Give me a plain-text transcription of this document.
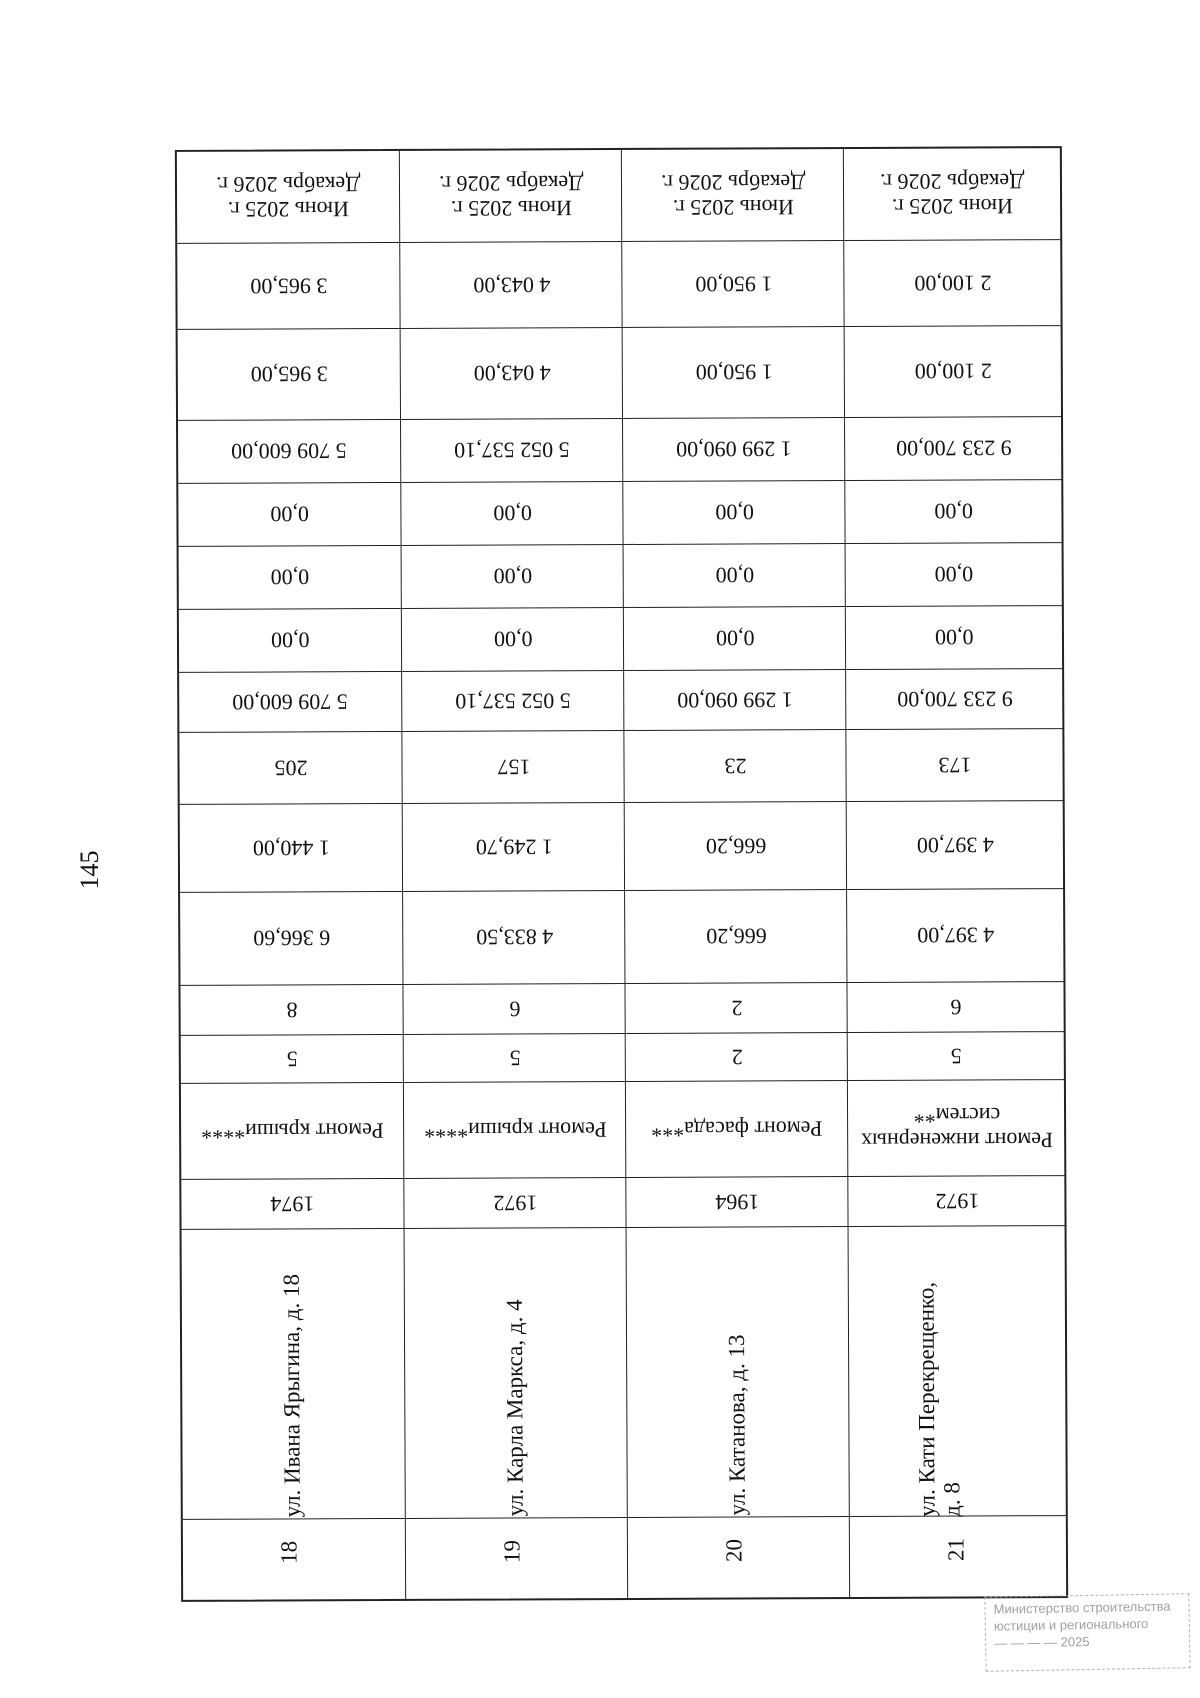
145
Июнь 2025 г.
Декабрь 2026 г.
3 965,00
3 965,00
5 709 600,00
0,00
0,00
0,00
5 709 600,00
205
1 440,00
6 366,60
8
5
Ремонт крыши****
1974
ул. Ивана Ярыгина, д. 18
18
Июнь 2025 г.
Декабрь 2026 г.
4 043,00
4 043,00
5 052 537,10
0,00
0,00
0,00
5 052 537,10
157
1 249,70
4 833,50
6
5
Ремонт крыши****
1972
ул. Карла Маркса, д. 4
19
Июнь 2025 г.
Декабрь 2026 г.
1 950,00
1 950,00
1 299 090,00
0,00
0,00
0,00
1 299 090,00
23
666,20
666,20
2
2
Ремонт фасада***
1964
ул. Катанова, д. 13
20
Июнь 2025 г.
Декабрь 2026 г.
2 100,00
2 100,00
9 233 700,00
0,00
0,00
0,00
9 233 700,00
173
4 397,00
4 397,00
6
5
Ремонт инженерных
систем**
1972
ул. Кати Перекрещенко,
д. 8
21
Министерство строительства
юстиции и регионального
— — — — 2025
